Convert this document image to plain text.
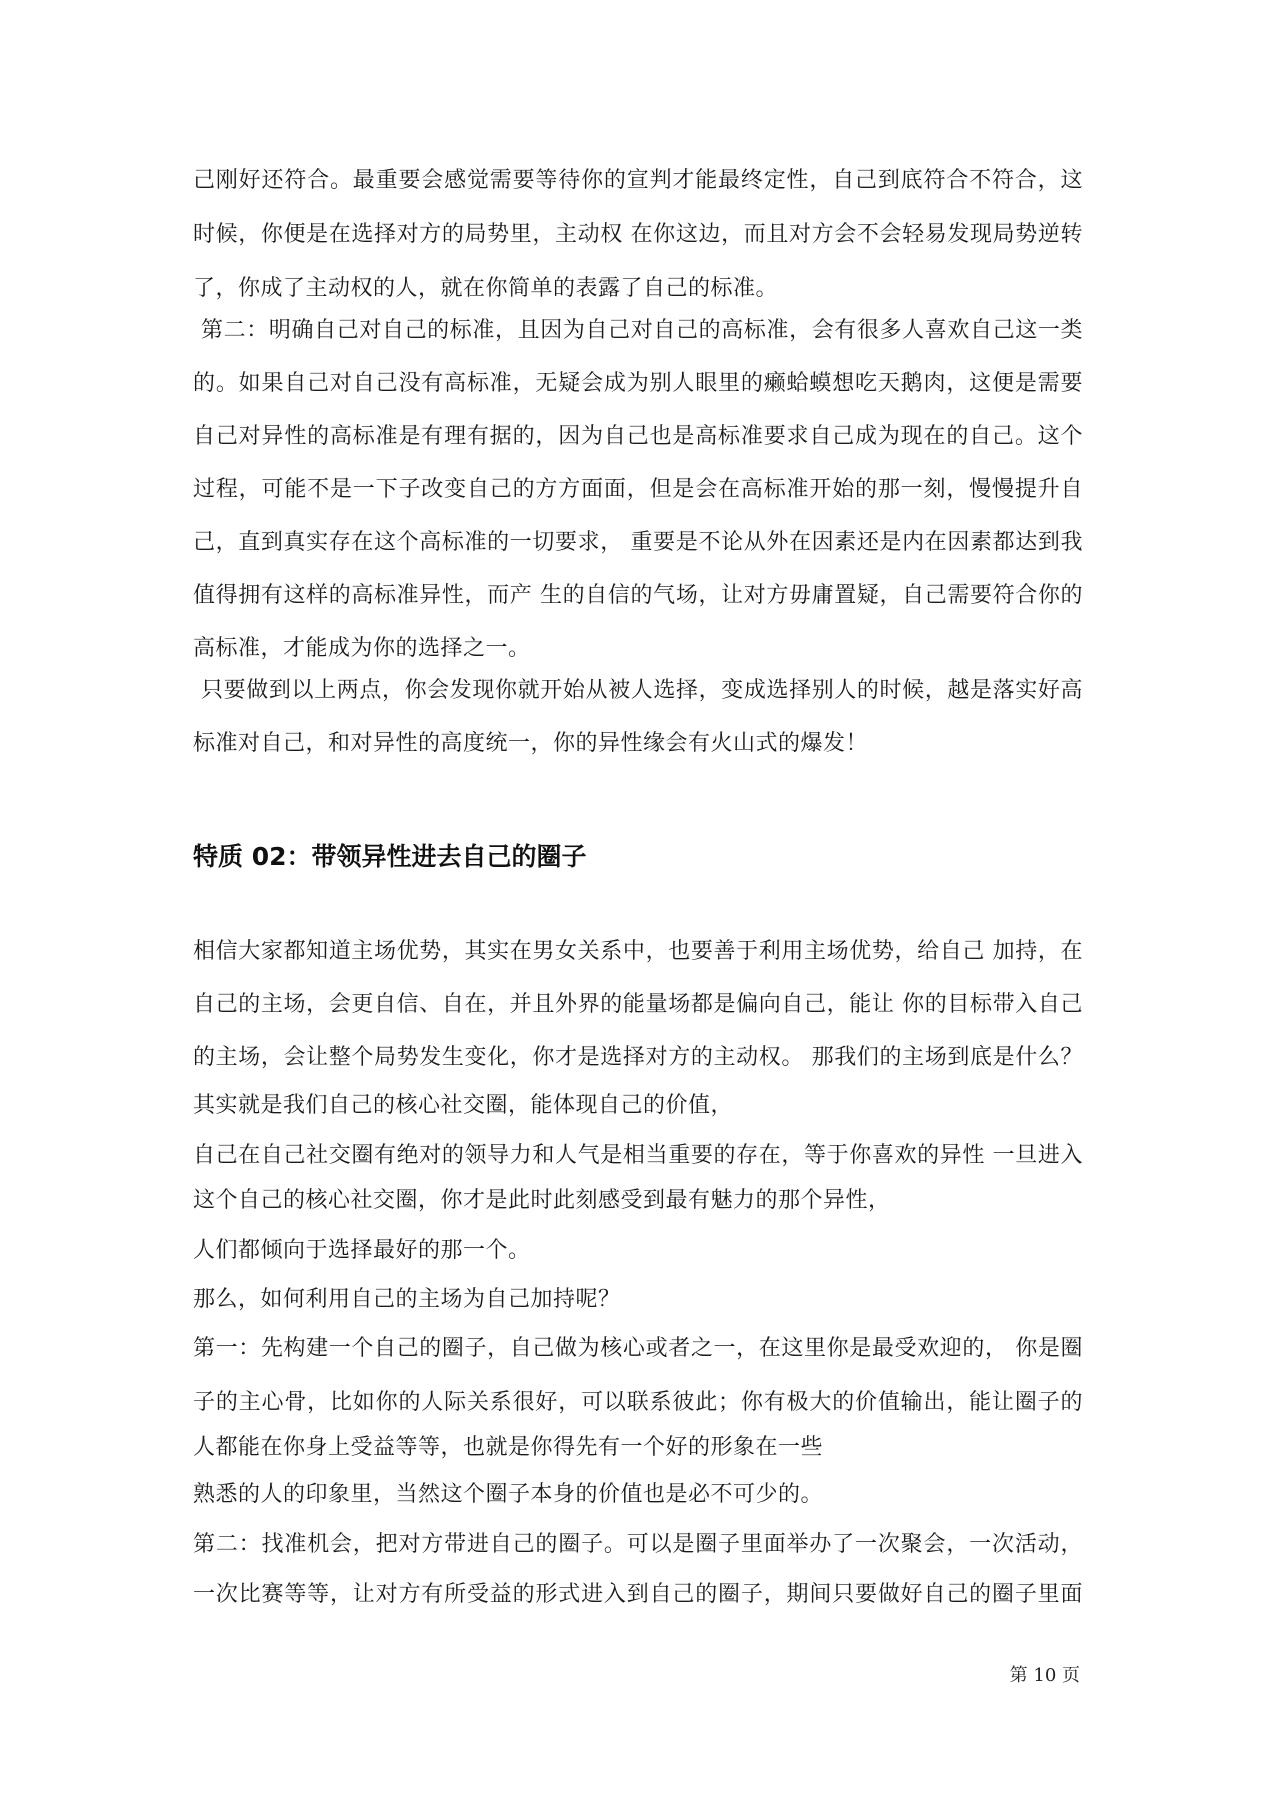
己刚好还符合。最重要会感觉需要等待你的宣判才能最终定性，自己到底符合不符合，这
时候，你便是在选择对方的局势里，主动权 在你这边，而且对方会不会轻易发现局势逆转
了，你成了主动权的人，就在你简单的表露了自己的标准。
第二：明确自己对自己的标准，且因为自己对自己的高标准，会有很多人喜欢自己这一类
的。如果自己对自己没有高标准，无疑会成为别人眼里的癞蛤蟆想吃天鹅肉，这便是需要
自己对异性的高标准是有理有据的，因为自己也是高标准要求自己成为现在的自己。这个
过程，可能不是一下子改变自己的方方面面，但是会在高标准开始的那一刻，慢慢提升自
己，直到真实存在这个高标准的一切要求， 重要是不论从外在因素还是内在因素都达到我
值得拥有这样的高标准异性，而产 生的自信的气场，让对方毋庸置疑，自己需要符合你的
高标准，才能成为你的选择之一。
只要做到以上两点，你会发现你就开始从被人选择，变成选择别人的时候，越是落实好高
标准对自己，和对异性的高度统一，你的异性缘会有火山式的爆发！
特质 02：带领异性进去自己的圈子
相信大家都知道主场优势，其实在男女关系中，也要善于利用主场优势，给自己 加持，在
自己的主场，会更自信、自在，并且外界的能量场都是偏向自己，能让 你的目标带入自己
的主场，会让整个局势发生变化，你才是选择对方的主动权。 那我们的主场到底是什么？
其实就是我们自己的核心社交圈，能体现自己的价值，
自己在自己社交圈有绝对的领导力和人气是相当重要的存在，等于你喜欢的异性 一旦进入
这个自己的核心社交圈，你才是此时此刻感受到最有魅力的那个异性，
人们都倾向于选择最好的那一个。
那么，如何利用自己的主场为自己加持呢？
第一：先构建一个自己的圈子，自己做为核心或者之一，在这里你是最受欢迎的， 你是圈
子的主心骨，比如你的人际关系很好，可以联系彼此；你有极大的价值输出，能让圈子的
人都能在你身上受益等等，也就是你得先有一个好的形象在一些
熟悉的人的印象里，当然这个圈子本身的价值也是必不可少的。
第二：找准机会，把对方带进自己的圈子。可以是圈子里面举办了一次聚会，一次活动，
一次比赛等等，让对方有所受益的形式进入到自己的圈子，期间只要做好自己的圈子里面
第 10 页
